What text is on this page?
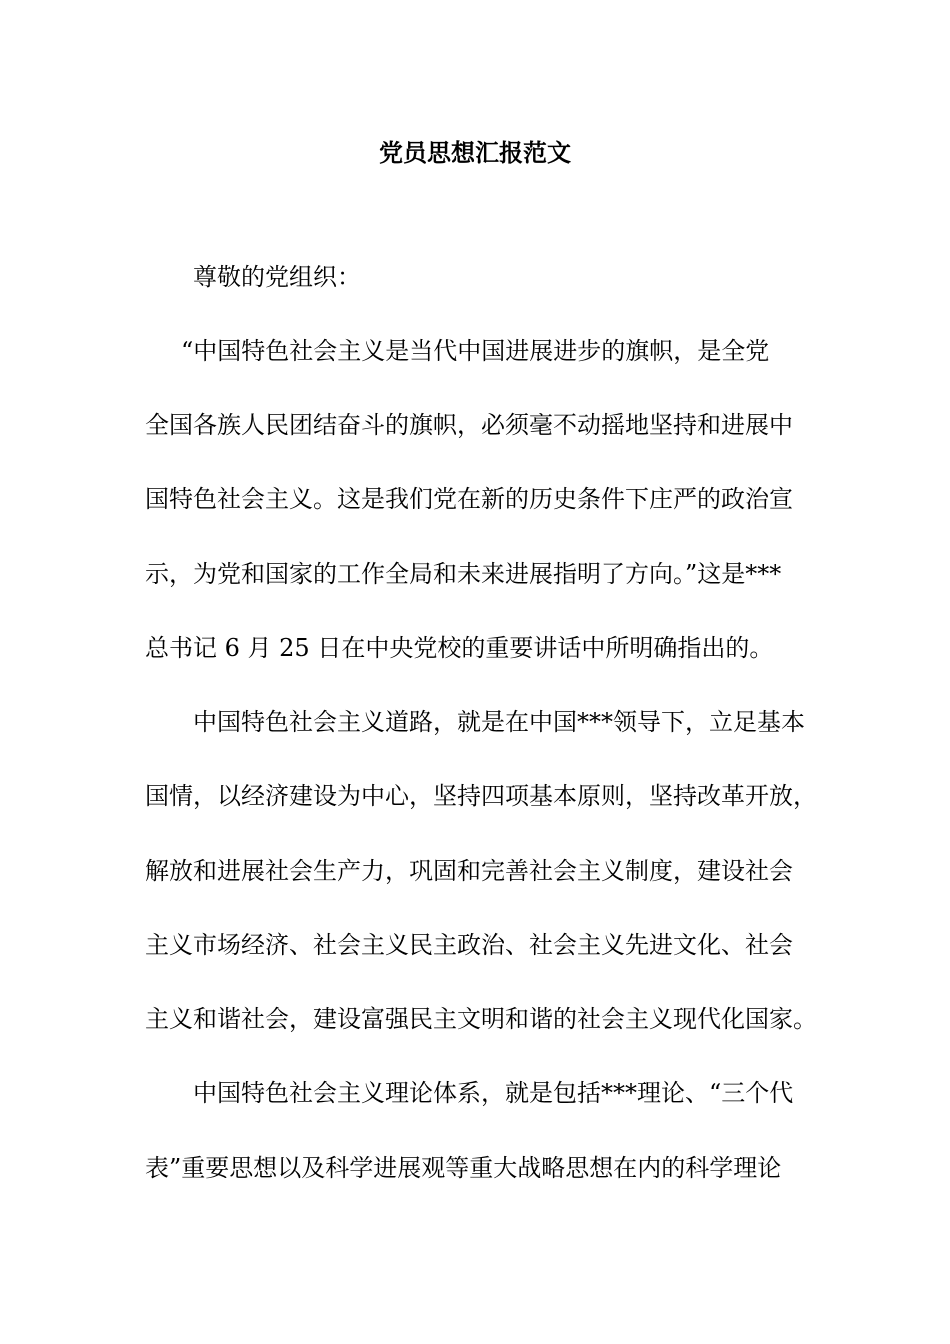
党员思想汇报范文

尊敬的党组织：

“中国特色社会主义是当代中国进展进步的旗帜，是全党

全国各族人民团结奋斗的旗帜，必须毫不动摇地坚持和进展中

国特色社会主义。这是我们党在新的历史条件下庄严的政治宣

示，为党和国家的工作全局和未来进展指明了方向。”这是***

总书记 6 月 25 日在中央党校的重要讲话中所明确指出的。

中国特色社会主义道路，就是在中国***领导下，立足基本

国情，以经济建设为中心，坚持四项基本原则，坚持改革开放，

解放和进展社会生产力，巩固和完善社会主义制度，建设社会

主义市场经济、社会主义民主政治、社会主义先进文化、社会

主义和谐社会，建设富强民主文明和谐的社会主义现代化国家。

中国特色社会主义理论体系，就是包括***理论、“三个代

表”重要思想以及科学进展观等重大战略思想在内的科学理论
